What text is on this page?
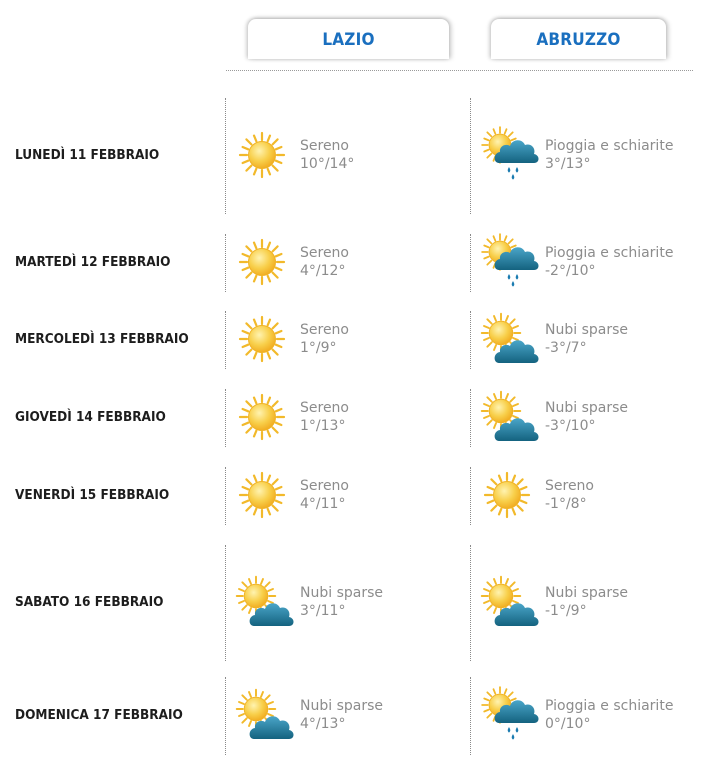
LAZIO	ABRUZZO
LUNEDÌ 11 FEBBRAIO
Sereno
10°/14°
Pioggia e schiarite
3°/13°
MARTEDÌ 12 FEBBRAIO
Sereno
4°/12°
Pioggia e schiarite
-2°/10°
MERCOLEDÌ 13 FEBBRAIO
Sereno
1°/9°
Nubi sparse
-3°/7°
GIOVEDÌ 14 FEBBRAIO
Sereno
1°/13°
Nubi sparse
-3°/10°
VENERDÌ 15 FEBBRAIO
Sereno
4°/11°
Sereno
-1°/8°
SABATO 16 FEBBRAIO
Nubi sparse
3°/11°
Nubi sparse
-1°/9°
DOMENICA 17 FEBBRAIO
Nubi sparse
4°/13°
Pioggia e schiarite
0°/10°
